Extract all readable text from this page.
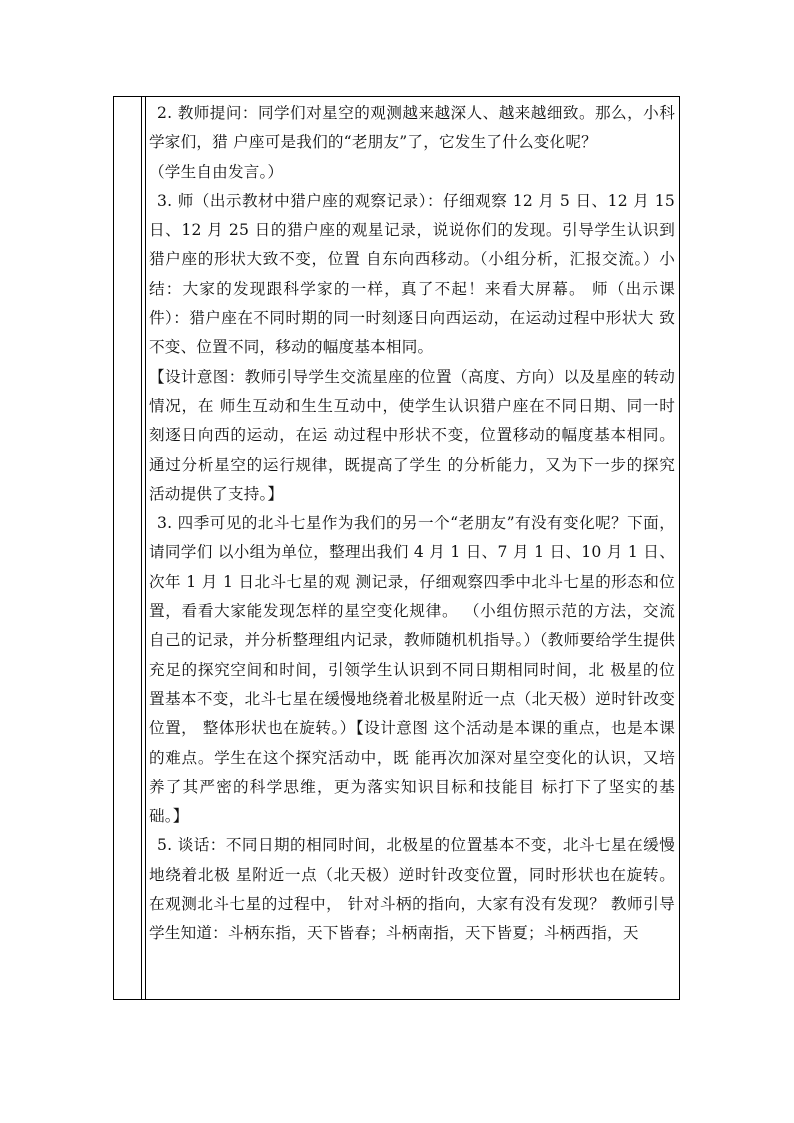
2. 教师提问：同学们对星空的观测越来越深人、越来越细致。那么，小科学家们，猎 户座可是我们的“老朋友”了，它发生了什么变化呢？

（学生自由发言。）

3. 师（出示教材中猎户座的观察记录）：仔细观察 12 月 5 日、12 月 15 日、12 月 25 日的猎户座的观星记录，说说你们的发现。引导学生认识到猎户座的形状大致不变，位置 自东向西移动。（小组分析，汇报交流。）小结：大家的发现跟科学家的一样，真了不起！来看大屏幕。 师（出示课件）：猎户座在不同时期的同一时刻逐日向西运动，在运动过程中形状大 致不变、位置不同，移动的幅度基本相同。

【设计意图：教师引导学生交流星座的位置（高度、方向）以及星座的转动情况，在 师生互动和生生互动中，使学生认识猎户座在不同日期、同一时刻逐日向西的运动，在运 动过程中形状不变，位置移动的幅度基本相同。通过分析星空的运行规律，既提高了学生 的分析能力，又为下一步的探究活动提供了支持。】

3. 四季可见的北斗七星作为我们的另一个“老朋友”有没有变化呢？下面，请同学们 以小组为单位，整理出我们 4 月 1 日、7 月 1 日、10 月 1 日、次年 1 月 1 日北斗七星的观 测记录，仔细观察四季中北斗七星的形态和位置，看看大家能发现怎样的星空变化规律。 （小组仿照示范的方法，交流自己的记录，并分析整理组内记录，教师随机机指导。）（教师要给学生提供充足的探究空间和时间，引领学生认识到不同日期相同时间，北 极星的位置基本不变，北斗七星在缓慢地绕着北极星附近一点（北天极）逆时针改变位置， 整体形状也在旋转。）【设计意图 这个活动是本课的重点，也是本课的难点。学生在这个探究活动中，既 能再次加深对星空变化的认识，又培养了其严密的科学思维，更为落实知识目标和技能目 标打下了坚实的基础。】

5. 谈话：不同日期的相同时间，北极星的位置基本不变，北斗七星在缓慢地绕着北极 星附近一点（北天极）逆时针改变位置，同时形状也在旋转。在观测北斗七星的过程中， 针对斗柄的指向，大家有没有发现？ 教师引导学生知道：斗柄东指，天下皆春；斗柄南指，天下皆夏；斗柄西指，天
